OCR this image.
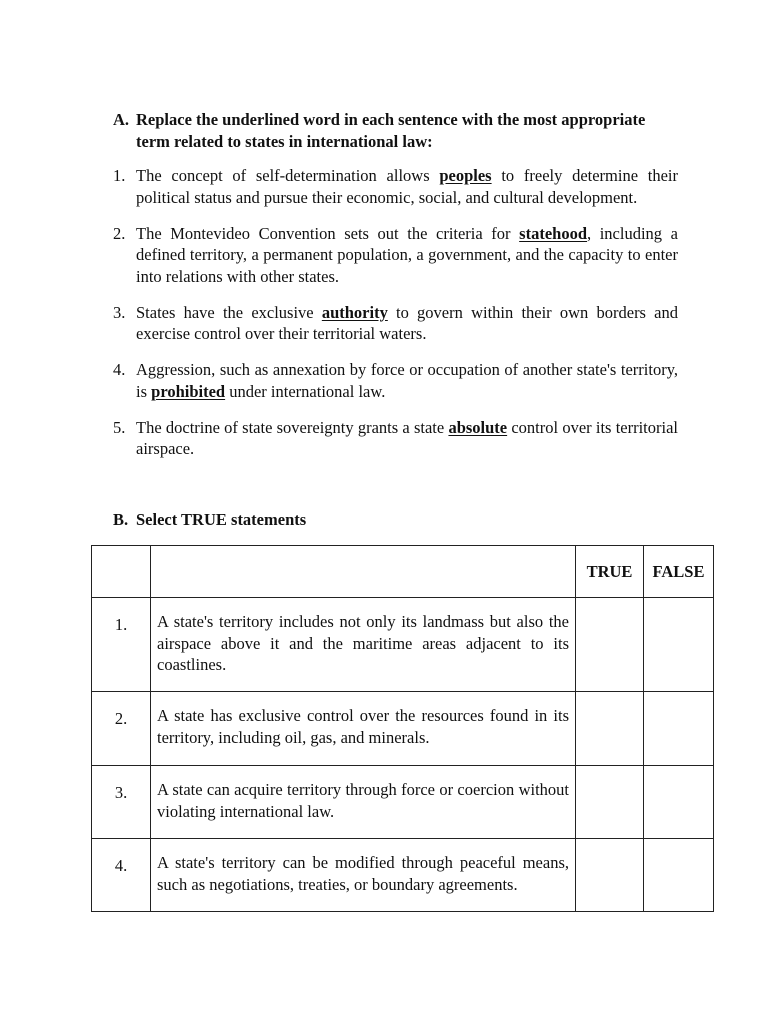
A. Replace the underlined word in each sentence with the most appropriate
term related to states in international law:
1. The concept of self-determination allows peoples to freely determine their political status and pursue their economic, social, and cultural development.
2. The Montevideo Convention sets out the criteria for statehood, including a defined territory, a permanent population, a government, and the capacity to enter into relations with other states.
3. States have the exclusive authority to govern within their own borders and exercise control over their territorial waters.
4. Aggression, such as annexation by force or occupation of another state's territory, is prohibited under international law.
5. The doctrine of state sovereignty grants a state absolute control over its territorial airspace.
B. Select TRUE statements
		TRUE	FALSE

1.	A state's territory includes not only its landmass but also the airspace above it and the maritime areas adjacent to its coastlines.		

2.	A state has exclusive control over the resources found in its territory, including oil, gas, and minerals.		

3.	A state can acquire territory through force or coercion without violating international law.		

4.	A state's territory can be modified through peaceful means, such as negotiations, treaties, or boundary agreements.		
